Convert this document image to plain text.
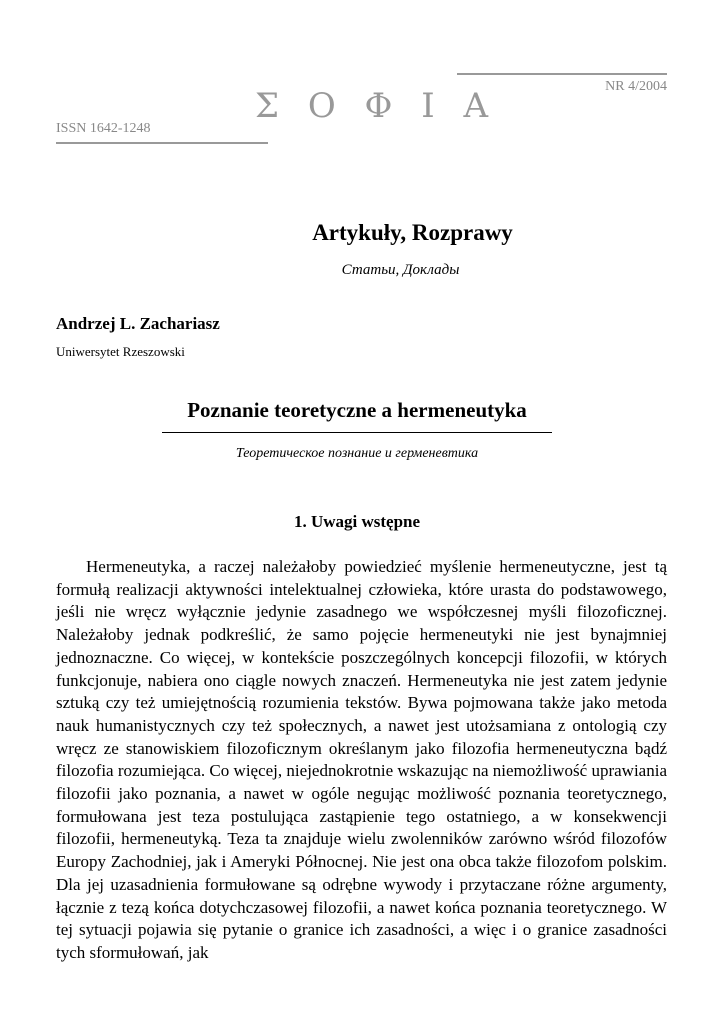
NR 4/2004
Σ Ο Φ Ι Α
ISSN 1642-1248
Artykuły, Rozprawy
Статьи, Доклады
Andrzej L. Zachariasz
Uniwersytet Rzeszowski
Poznanie teoretyczne a hermeneutyka
Теоретическое познание и герменевтика
1. Uwagi wstępne

Hermeneutyka, a raczej należałoby powiedzieć myślenie hermeneutyczne, jest tą formułą realizacji aktywności intelektualnej człowieka, które urasta do podstawowego, jeśli nie wręcz wyłącznie jedynie zasadnego we współczesnej myśli filozoficznej. Należałoby jednak podkreślić, że samo pojęcie hermeneutyki nie jest bynajmniej jednoznaczne. Co więcej, w kontekście poszczególnych koncepcji filozofii, w których funkcjonuje, nabiera ono ciągle nowych znaczeń. Hermeneutyka nie jest zatem jedynie sztuką czy też umiejętnością rozumienia tekstów. Bywa pojmowana także jako metoda nauk humanistycznych czy też społecznych, a nawet jest utożsamiana z ontologią czy wręcz ze stanowiskiem filozoficznym określanym jako filozofia hermeneutyczna bądź filozofia rozumiejąca. Co więcej, niejednokrotnie wskazując na niemożliwość uprawiania filozofii jako poznania, a nawet w ogóle negując możliwość poznania teoretycznego, formułowana jest teza postulująca zastąpienie tego ostatniego, a w konsekwencji filozofii, hermeneutyką. Teza ta znajduje wielu zwolenników zarówno wśród filozofów Europy Zachodniej, jak i Ameryki Północnej. Nie jest ona obca także filozofom polskim. Dla jej uzasadnienia formułowane są odrębne wywody i przytaczane różne argumenty, łącznie z tezą końca dotychczasowej filozofii, a nawet końca poznania teoretycznego. W tej sytuacji pojawia się pytanie o granice ich zasadności, a więc i o granice zasadności tych sformułowań, jak
